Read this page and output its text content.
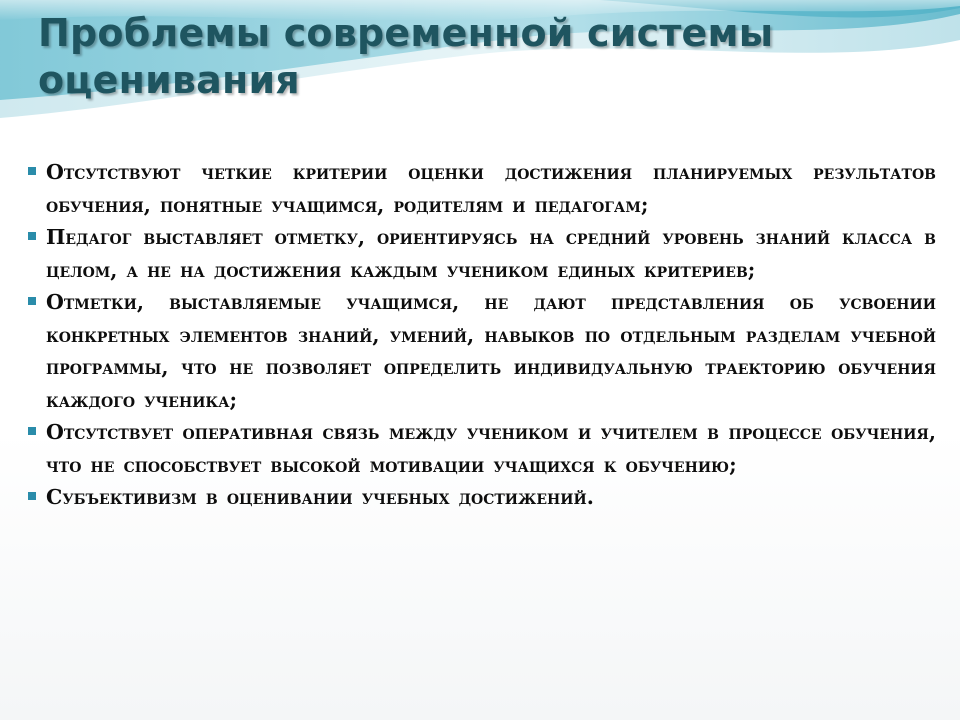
Проблемы современной системы оценивания
Отсутствуют четкие критерии оценки достижения планируемых результатов обучения, понятные учащимся, родителям и педагогам;
Педагог выставляет отметку, ориентируясь на средний уровень знаний класса в целом, а не на достижения каждым учеником единых критериев;
Отметки, выставляемые учащимся, не дают представления об усвоении конкретных элементов знаний, умений, навыков по отдельным разделам учебной программы, что не позволяет определить индивидуальную траекторию обучения каждого ученика;
Отсутствует оперативная связь между учеником и учителем в процессе обучения, что не способствует высокой мотивации учащихся к обучению;
Субъективизм в оценивании учебных достижений.
